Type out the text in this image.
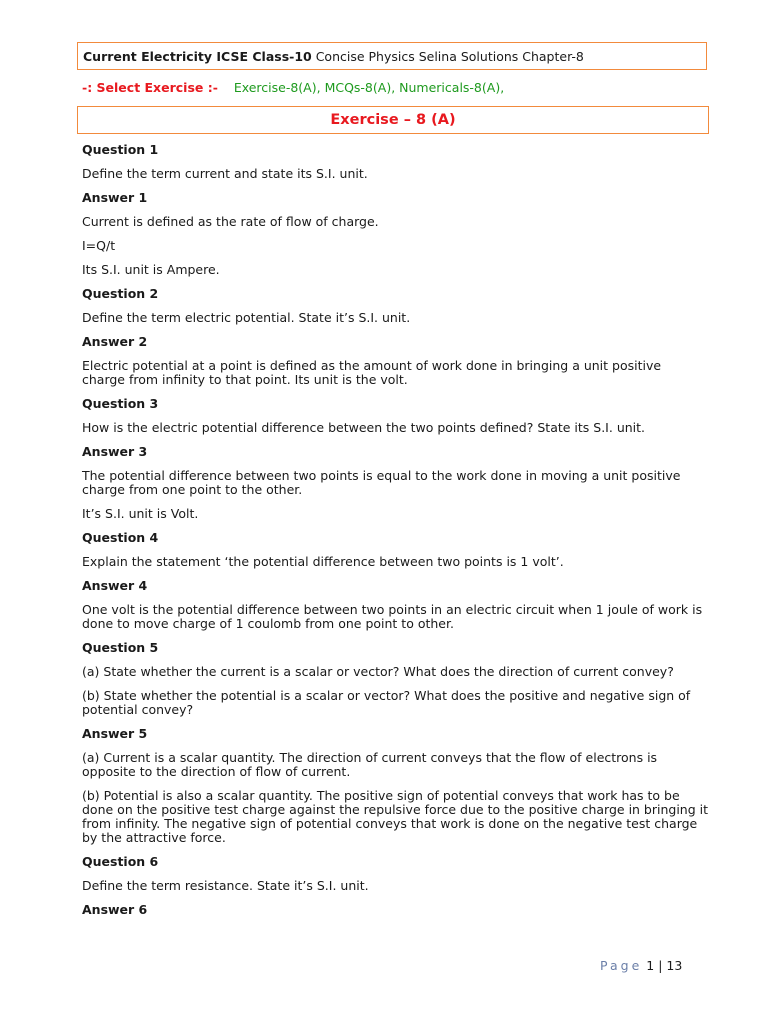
Current Electricity ICSE Class-10 Concise Physics Selina Solutions Chapter-8
-: Select Exercise :- Exercise-8(A), MCQs-8(A), Numericals-8(A),
Exercise – 8 (A)
Question 1
Define the term current and state its S.I. unit.
Answer 1
Current is defined as the rate of flow of charge.
I=Q/t
Its S.I. unit is Ampere.
Question 2
Define the term electric potential. State it’s S.I. unit.
Answer 2
Electric potential at a point is defined as the amount of work done in bringing a unit positive charge from infinity to that point. Its unit is the volt.
Question 3
How is the electric potential difference between the two points defined? State its S.I. unit.
Answer 3
The potential difference between two points is equal to the work done in moving a unit positive charge from one point to the other.
It’s S.I. unit is Volt.
Question 4
Explain the statement ‘the potential difference between two points is 1 volt’.
Answer 4
One volt is the potential difference between two points in an electric circuit when 1 joule of work is done to move charge of 1 coulomb from one point to other.
Question 5
(a) State whether the current is a scalar or vector? What does the direction of current convey?
(b) State whether the potential is a scalar or vector? What does the positive and negative sign of potential convey?
Answer 5
(a) Current is a scalar quantity. The direction of current conveys that the flow of electrons is opposite to the direction of flow of current.
(b) Potential is also a scalar quantity. The positive sign of potential conveys that work has to be done on the positive test charge against the repulsive force due to the positive charge in bringing it from infinity. The negative sign of potential conveys that work is done on the negative test charge by the attractive force.
Question 6
Define the term resistance. State it’s S.I. unit.
Answer 6
Page 1 | 13
